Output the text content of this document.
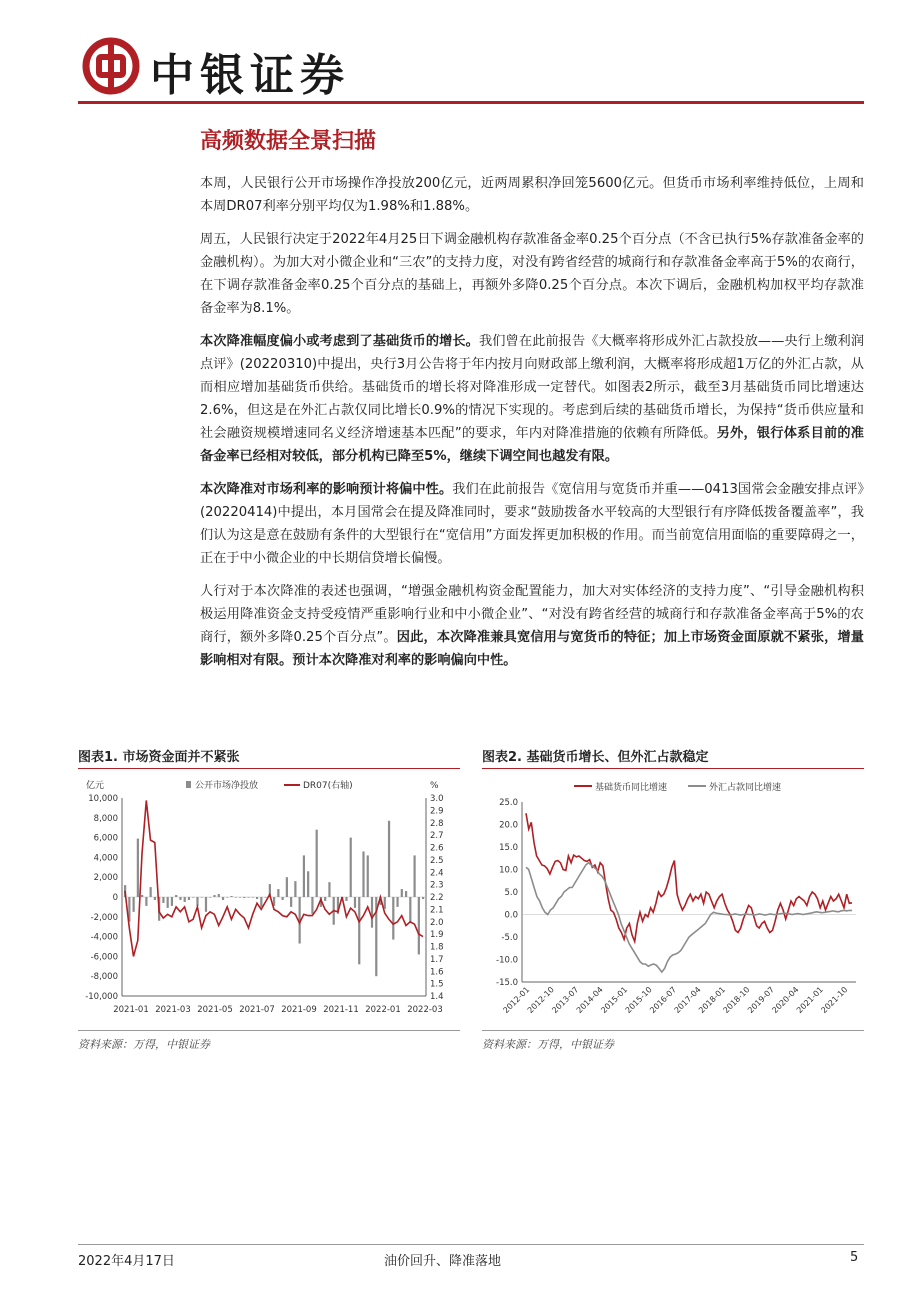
中银证券
高频数据全景扫描

本周，人民银行公开市场操作净投放200亿元，近两周累积净回笼5600亿元。但货币市场利率维持低位，上周和本周DR07利率分别平均仅为1.98%和1.88%。

周五，人民银行决定于2022年4月25日下调金融机构存款准备金率0.25个百分点（不含已执行5%存款准备金率的金融机构）。为加大对小微企业和“三农”的支持力度，对没有跨省经营的城商行和存款准备金率高于5%的农商行，在下调存款准备金率0.25个百分点的基础上，再额外多降0.25个百分点。本次下调后，金融机构加权平均存款准备金率为8.1%。

本次降准幅度偏小或考虑到了基础货币的增长。我们曾在此前报告《大概率将形成外汇占款投放——央行上缴利润点评》(20220310)中提出，央行3月公告将于年内按月向财政部上缴利润，大概率将形成超1万亿的外汇占款，从而相应增加基础货币供给。基础货币的增长将对降准形成一定替代。如图表2所示，截至3月基础货币同比增速达2.6%，但这是在外汇占款仅同比增长0.9%的情况下实现的。考虑到后续的基础货币增长，为保持“货币供应量和社会融资规模增速同名义经济增速基本匹配”的要求，年内对降准措施的依赖有所降低。另外，银行体系目前的准备金率已经相对较低，部分机构已降至5%，继续下调空间也越发有限。

本次降准对市场利率的影响预计将偏中性。我们在此前报告《宽信用与宽货币并重——0413国常会金融安排点评》(20220414)中提出，本月国常会在提及降准同时，要求“鼓励拨备水平较高的大型银行有序降低拨备覆盖率”，我们认为这是意在鼓励有条件的大型银行在“宽信用”方面发挥更加积极的作用。而当前宽信用面临的重要障碍之一，正在于中小微企业的中长期信贷增长偏慢。

人行对于本次降准的表述也强调，“增强金融机构资金配置能力，加大对实体经济的支持力度”、“引导金融机构积极运用降准资金支持受疫情严重影响行业和中小微企业”、“对没有跨省经营的城商行和存款准备金率高于5%的农商行，额外多降0.25个百分点”。因此，本次降准兼具宽信用与宽货币的特征；加上市场资金面原就不紧张，增量影响相对有限。预计本次降准对利率的影响偏向中性。

图表1. 市场资金面并不紧张
亿元	%
公开市场净投放	DR07(右轴)
10,000
8,000
6,000
4,000
2,000
0
-2,000
-4,000
-6,000
-8,000
-10,000
3.0
2.9
2.8
2.7
2.6
2.5
2.4
2.3
2.2
2.1
2.0
1.9
1.8
1.7
1.6
1.5
1.4
2021-01 2021-03 2021-05 2021-07 2021-09 2021-11 2022-01 2022-03
资料来源：万得，中银证券
图表2. 基础货币增长、但外汇占款稳定
基础货币同比增速	外汇占款同比增速
25.0
20.0
15.0
10.0
5.0
0.0
-5.0
-10.0
-15.0
2012-01
2012-10
2013-07
2014-04
2015-01
2015-10
2016-07
2017-04
2018-01
2018-10
2019-07
2020-04
2021-01
2021-10
资料来源：万得，中银证券
2022年4月17日	油价回升、降准落地	5
